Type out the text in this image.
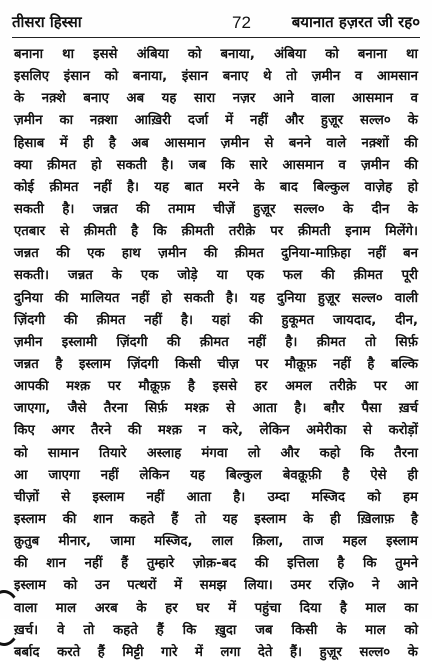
तीसरा हिस्सा	72	बयानात हज़रत जी रह०
बनाना था इससे अंबिया को बनाया, अंबिया को बनाना था
इसलिए इंसान को बनाया, इंसान बनाए थे तो ज़मीन व आमसान
के नक़्शे बनाए अब यह सारा नज़र आने वाला आसमान व
ज़मीन का नक़्शा आख़िरी दर्जा में नहीं और हुज़ूर सल्ल० के
हिसाब में ही है अब आसमान ज़मीन से बनने वाले नक़्शों की
क्या क़ीमत हो सकती है। जब कि सारे आसमान व ज़मीन की
कोई क़ीमत नहीं है। यह बात मरने के बाद बिल्कुल वाज़ेह हो
सकती है। जन्नत की तमाम चीज़ें हुज़ूर सल्ल० के दीन के
एतबार से क़ीमती है कि क़ीमती तरीक़े पर क़ीमती इनाम मिलेंगे।
जन्नत की एक हाथ ज़मीन की क़ीमत दुनिया-माफ़िहा नहीं बन
सकती। जन्नत के एक जोड़े या एक फल की क़ीमत पूरी
दुनिया की मालियत नहीं हो सकती है। यह दुनिया हुज़ूर सल्ल० वाली
ज़िंदगी की क़ीमत नहीं है। यहां की हुकूमत जायदाद, दीन,
ज़मीन इस्लामी ज़िंदगी की क़ीमत नहीं है। क़ीमत तो सिर्फ़
जन्नत है इस्लाम ज़िंदगी किसी चीज़ पर मौक़ूफ़ नहीं है बल्कि
आपकी मश्क़ पर मौक़ूफ़ है इससे हर अमल तरीक़े पर आ
जाएगा, जैसे तैरना सिर्फ़ मश्क़ से आता है। बग़ैर पैसा ख़र्च
किए अगर तैरने की मश्क़ न करे, लेकिन अमेरीका से करोड़ों
को सामान तियारे अस्लाह मंगवा लो और कहो कि तैरना
आ जाएगा नहीं लेकिन यह बिल्कुल बेवक़ूफ़ी है ऐसे ही
चीज़ों से इस्लाम नहीं आता है। उम्दा मस्जिद को हम
इस्लाम की शान कहते हैं तो यह इस्लाम के ही ख़िलाफ़ है
क़ुतुब मीनार, जामा मस्जिद, लाल क़िला, ताज महल इस्लाम
की शान नहीं हैं तुम्हारे ज़ोक़-बद की इत्तिला है कि तुमने
इस्लाम को उन पत्थरों में समझ लिया। उमर रज़ि० ने आने
वाला माल अरब के हर घर में पहुंचा दिया है माल का
ख़र्च। वे तो कहते हैं कि ख़ुदा जब किसी के माल को
बर्बाद करते हैं मिट्टी गारे में लगा देते हैं। हुज़ूर सल्ल० के
